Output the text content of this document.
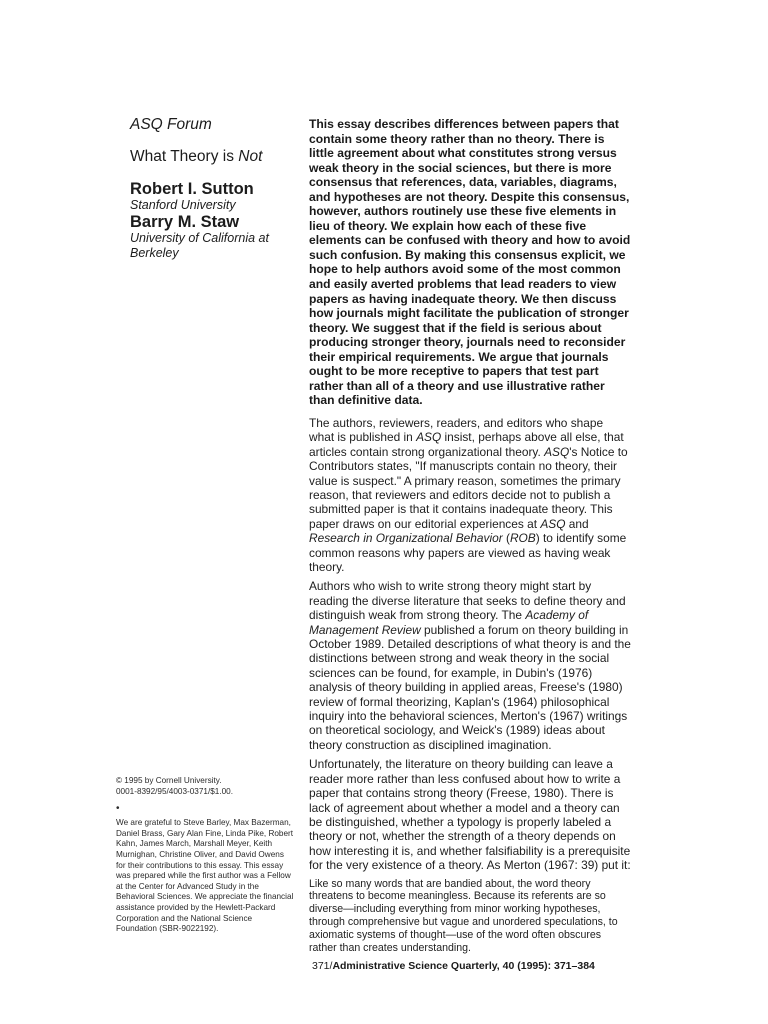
ASQ Forum
What Theory is Not

Robert I. Sutton

Stanford University

Barry M. Staw

University of California at Berkeley

© 1995 by Cornell University.
0001-8392/95/4003-0371/$1.00.
•
We are grateful to Steve Barley, Max Bazerman, Daniel Brass, Gary Alan Fine, Linda Pike, Robert Kahn, James March, Marshall Meyer, Keith Murnighan, Christine Oliver, and David Owens for their contributions to this essay. This essay was prepared while the first author was a Fellow at the Center for Advanced Study in the Behavioral Sciences. We appreciate the financial assistance provided by the Hewlett-Packard Corporation and the National Science Foundation (SBR-9022192).

This essay describes differences between papers that contain some theory rather than no theory. There is little agreement about what constitutes strong versus weak theory in the social sciences, but there is more consensus that references, data, variables, diagrams, and hypotheses are not theory. Despite this consensus, however, authors routinely use these five elements in lieu of theory. We explain how each of these five elements can be confused with theory and how to avoid such confusion. By making this consensus explicit, we hope to help authors avoid some of the most common and easily averted problems that lead readers to view papers as having inadequate theory. We then discuss how journals might facilitate the publication of stronger theory. We suggest that if the field is serious about producing stronger theory, journals need to reconsider their empirical requirements. We argue that journals ought to be more receptive to papers that test part rather than all of a theory and use illustrative rather than definitive data.

The authors, reviewers, readers, and editors who shape what is published in ASQ insist, perhaps above all else, that articles contain strong organizational theory. ASQ's Notice to Contributors states, "If manuscripts contain no theory, their value is suspect." A primary reason, sometimes the primary reason, that reviewers and editors decide not to publish a submitted paper is that it contains inadequate theory. This paper draws on our editorial experiences at ASQ and Research in Organizational Behavior (ROB) to identify some common reasons why papers are viewed as having weak theory.

Authors who wish to write strong theory might start by reading the diverse literature that seeks to define theory and distinguish weak from strong theory. The Academy of Management Review published a forum on theory building in October 1989. Detailed descriptions of what theory is and the distinctions between strong and weak theory in the social sciences can be found, for example, in Dubin's (1976) analysis of theory building in applied areas, Freese's (1980) review of formal theorizing, Kaplan's (1964) philosophical inquiry into the behavioral sciences, Merton's (1967) writings on theoretical sociology, and Weick's (1989) ideas about theory construction as disciplined imagination.

Unfortunately, the literature on theory building can leave a reader more rather than less confused about how to write a paper that contains strong theory (Freese, 1980). There is lack of agreement about whether a model and a theory can be distinguished, whether a typology is properly labeled a theory or not, whether the strength of a theory depends on how interesting it is, and whether falsifiability is a prerequisite for the very existence of a theory. As Merton (1967: 39) put it:

Like so many words that are bandied about, the word theory threatens to become meaningless. Because its referents are so diverse—including everything from minor working hypotheses, through comprehensive but vague and unordered speculations, to axiomatic systems of thought—use of the word often obscures rather than creates understanding.

371/Administrative Science Quarterly, 40 (1995): 371–384
